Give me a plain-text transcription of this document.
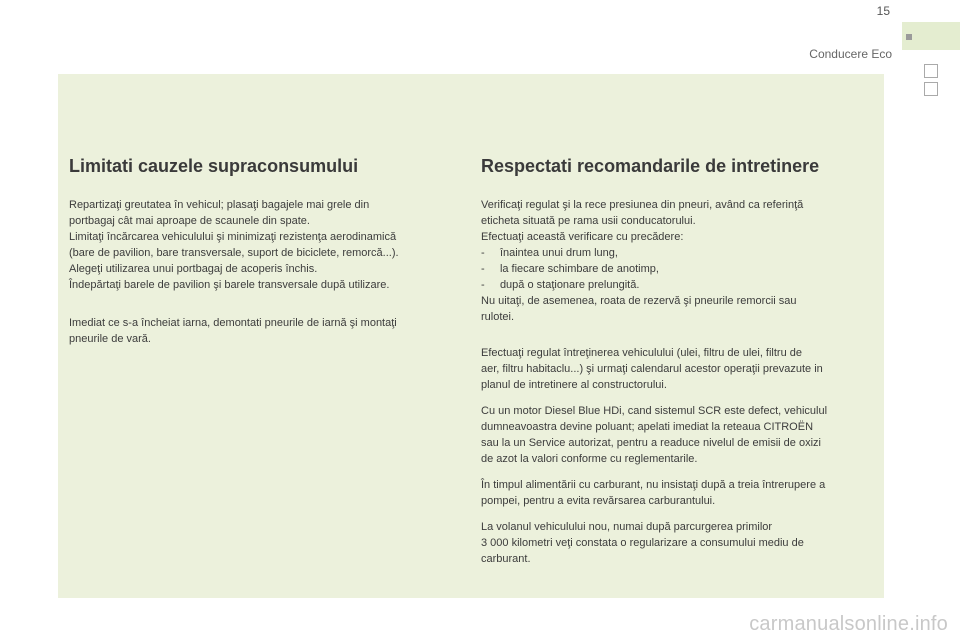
15
Conducere Eco
Limitati cauzele supraconsumului

Repartizaţi greutatea în vehicul; plasaţi bagajele mai grele din
portbagaj cât mai aproape de scaunele din spate.
Limitaţi încărcarea vehiculului şi minimizaţi rezistenţa aerodinamică
(bare de pavilion, bare transversale, suport de biciclete, remorcă...).
Alegeţi utilizarea unui portbagaj de acoperis închis.
Îndepărtaţi barele de pavilion şi barele transversale după utilizare.

Imediat ce s-a încheiat iarna, demontati pneurile de iarnă şi montaţi
pneurile de vară.

Respectati recomandarile de intretinere

Verificaţi regulat şi la rece presiunea din pneuri, având ca referinţă
eticheta situată pe rama usii conducatorului.
Efectuaţi această verificare cu precădere:
-     înaintea unui drum lung,
-     la fiecare schimbare de anotimp,
-     după o staţionare prelungită.
Nu uitaţi, de asemenea, roata de rezervă şi pneurile remorcii sau
rulotei.

Efectuaţi regulat întreţinerea vehiculului (ulei, filtru de ulei, filtru de
aer, filtru habitaclu...) şi urmaţi calendarul acestor operaţii prevazute in
planul de intretinere al constructorului.

Cu un motor Diesel Blue HDi, cand sistemul SCR este defect, vehiculul
dumneavoastra devine poluant; apelati imediat la reteaua CITROËN
sau la un Service autorizat, pentru a readuce nivelul de emisii de oxizi
de azot la valori conforme cu reglementarile.

În timpul alimentării cu carburant, nu insistaţi după a treia întrerupere a
pompei, pentru a evita revărsarea carburantului.

La volanul vehiculului nou, numai după parcurgerea primilor
3 000 kilometri veţi constata o regularizare a consumului mediu de
carburant.

carmanualsonline.info
